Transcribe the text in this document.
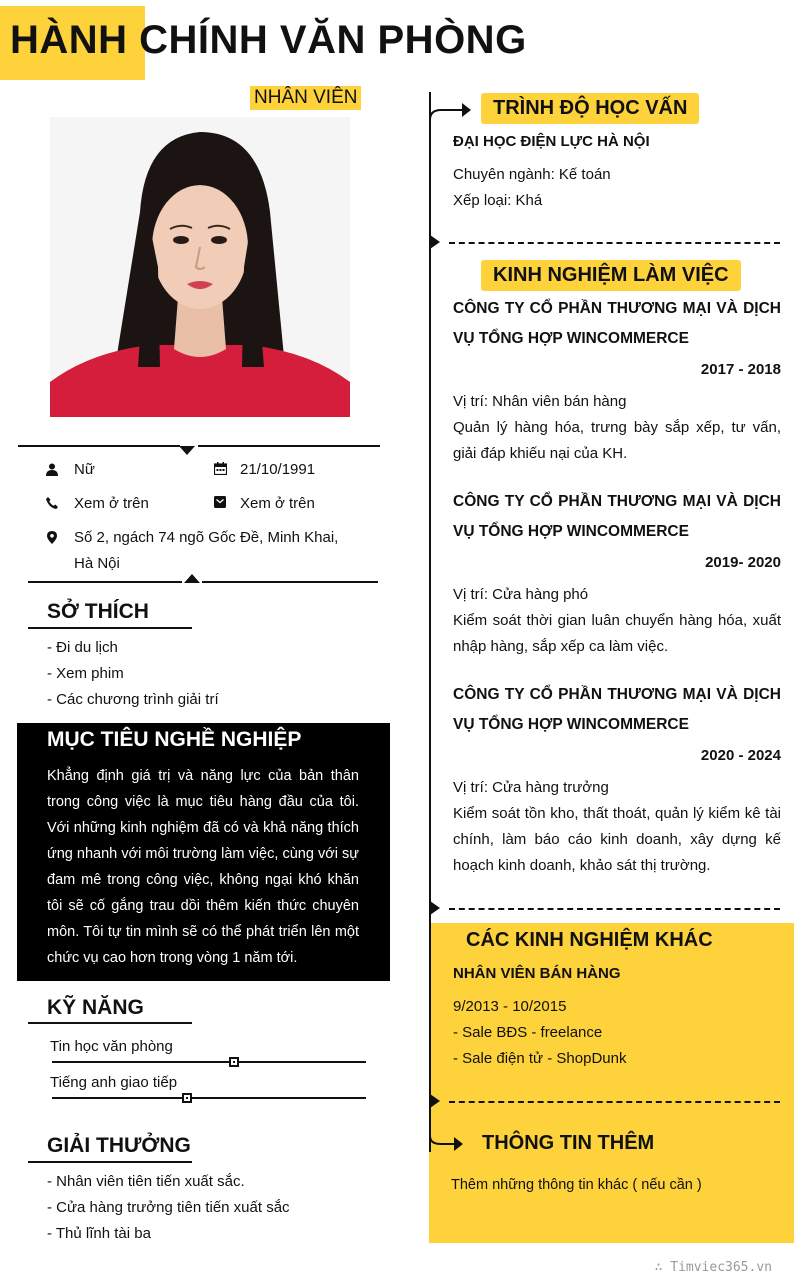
HÀNH CHÍNH VĂN PHÒNG
NHÂN VIÊN
Nữ	21/10/1991
Xem ở trên	Xem ở trên
Số 2, ngách 74 ngõ Gốc Đề, Minh Khai,
Hà Nội
SỞ THÍCH
- Đi du lịch
- Xem phim
- Các chương trình giải trí
MỤC TIÊU NGHỀ NGHIỆP
Khẳng định giá trị và năng lực của bản thân trong công việc là mục tiêu hàng đầu của tôi. Với những kinh nghiệm đã có và khả năng thích ứng nhanh với môi trường làm việc, cùng với sự đam mê trong công việc, không ngại khó khăn tôi sẽ cố gắng trau dồi thêm kiến thức chuyên môn. Tôi tự tin mình sẽ có thể phát triển lên một chức vụ cao hơn trong vòng 1 năm tới.
KỸ NĂNG
Tin học văn phòng
Tiếng anh giao tiếp
GIẢI THƯỞNG
- Nhân viên tiên tiến xuất sắc.
- Cửa hàng trưởng tiên tiến xuất sắc
- Thủ lĩnh tài ba
TRÌNH ĐỘ HỌC VẤN
ĐẠI HỌC ĐIỆN LỰC HÀ NỘI
Chuyên ngành: Kế toán
Xếp loại: Khá
KINH NGHIỆM LÀM VIỆC
CÔNG TY CỔ PHẦN THƯƠNG MẠI VÀ DỊCH VỤ TỔNG HỢP WINCOMMERCE
2017 - 2018
Vị trí: Nhân viên bán hàng
Quản lý hàng hóa, trưng bày sắp xếp, tư vấn, giải đáp khiếu nại của KH.
CÔNG TY CỔ PHẦN THƯƠNG MẠI VÀ DỊCH VỤ TỔNG HỢP WINCOMMERCE
2019- 2020
Vị trí: Cửa hàng phó
Kiểm soát thời gian luân chuyển hàng hóa, xuất nhập hàng, sắp xếp ca làm việc.
CÔNG TY CỔ PHẦN THƯƠNG MẠI VÀ DỊCH VỤ TỔNG HỢP WINCOMMERCE
2020 - 2024
Vị trí: Cửa hàng trưởng
Kiểm soát tồn kho, thất thoát, quản lý kiểm kê tài chính, làm báo cáo kinh doanh, xây dựng kế hoạch kinh doanh, khảo sát thị trường.
CÁC KINH NGHIỆM KHÁC
NHÂN VIÊN BÁN HÀNG
9/2013 - 10/2015
- Sale BĐS - freelance
- Sale điện tử - ShopDunk
THÔNG TIN THÊM
Thêm những thông tin khác ( nếu cần )
∴ Timviec365.vn
